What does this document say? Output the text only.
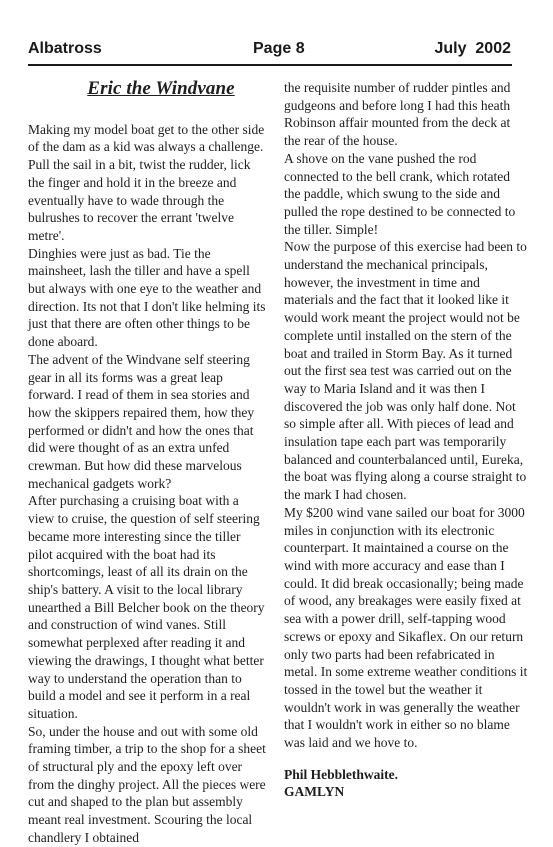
Albatross	Page 8	July  2002
Eric the Windvane

Making my model boat get to the other side of the dam as a kid was always a challenge. Pull the sail in a bit, twist the rudder, lick the finger and hold it in the breeze and eventually have to wade through the bulrushes to recover the errant 'twelve metre'.

Dinghies were just as bad. Tie the mainsheet, lash the tiller and have a spell but always with one eye to the weather and direction. Its not that I don't like helming its just that there are often other things to be done aboard.

The advent of the Windvane self steering gear in all its forms was a great leap forward. I read of them in sea stories and how the skippers repaired them, how they performed or didn't and how the ones that did were thought of as an extra unfed crewman. But how did these marvelous mechanical gadgets work?

After purchasing a cruising boat with a view to cruise, the question of self steering became more interesting since the tiller pilot acquired with the boat had its shortcomings, least of all its drain on the ship's battery. A visit to the local library unearthed a Bill Belcher book on the theory and construction of wind vanes. Still somewhat perplexed after reading it and viewing the drawings, I thought what better way to understand the operation than to build a model and see it perform in a real situation.

So, under the house and out with some old framing timber, a trip to the shop for a sheet of structural ply and the epoxy left over from the dinghy project. All the pieces were cut and shaped to the plan but assembly meant real investment. Scouring the local chandlery I obtained

the requisite number of rudder pintles and gudgeons and before long I had this heath Robinson affair mounted from the deck at the rear of the house.

A shove on the vane pushed the rod connected to the bell crank, which rotated the paddle, which swung to the side and pulled the rope destined to be connected to the tiller. Simple!

Now the purpose of this exercise had been to understand the mechanical principals, however, the investment in time and materials and the fact that it looked like it would work meant the project would not be complete until installed on the stern of the boat and trailed in Storm Bay. As it turned out the first sea test was carried out on the way to Maria Island and it was then I discovered the job was only half done. Not so simple after all. With pieces of lead and insulation tape each part was temporarily balanced and counterbalanced until, Eureka, the boat was flying along a course straight to the mark I had chosen.

My $200 wind vane sailed our boat for 3000 miles in conjunction with its electronic counterpart. It maintained a course on the wind with more accuracy and ease than I could. It did break occasionally; being made of wood, any breakages were easily fixed at sea with a power drill, self-tapping wood screws or epoxy and Sikaflex. On our return only two parts had been refabricated in metal. In some extreme weather conditions it tossed in the towel but the weather it wouldn't work in was generally the weather that I wouldn't work in either so no blame was laid and we hove to.

Phil Hebblethwaite.
GAMLYN
